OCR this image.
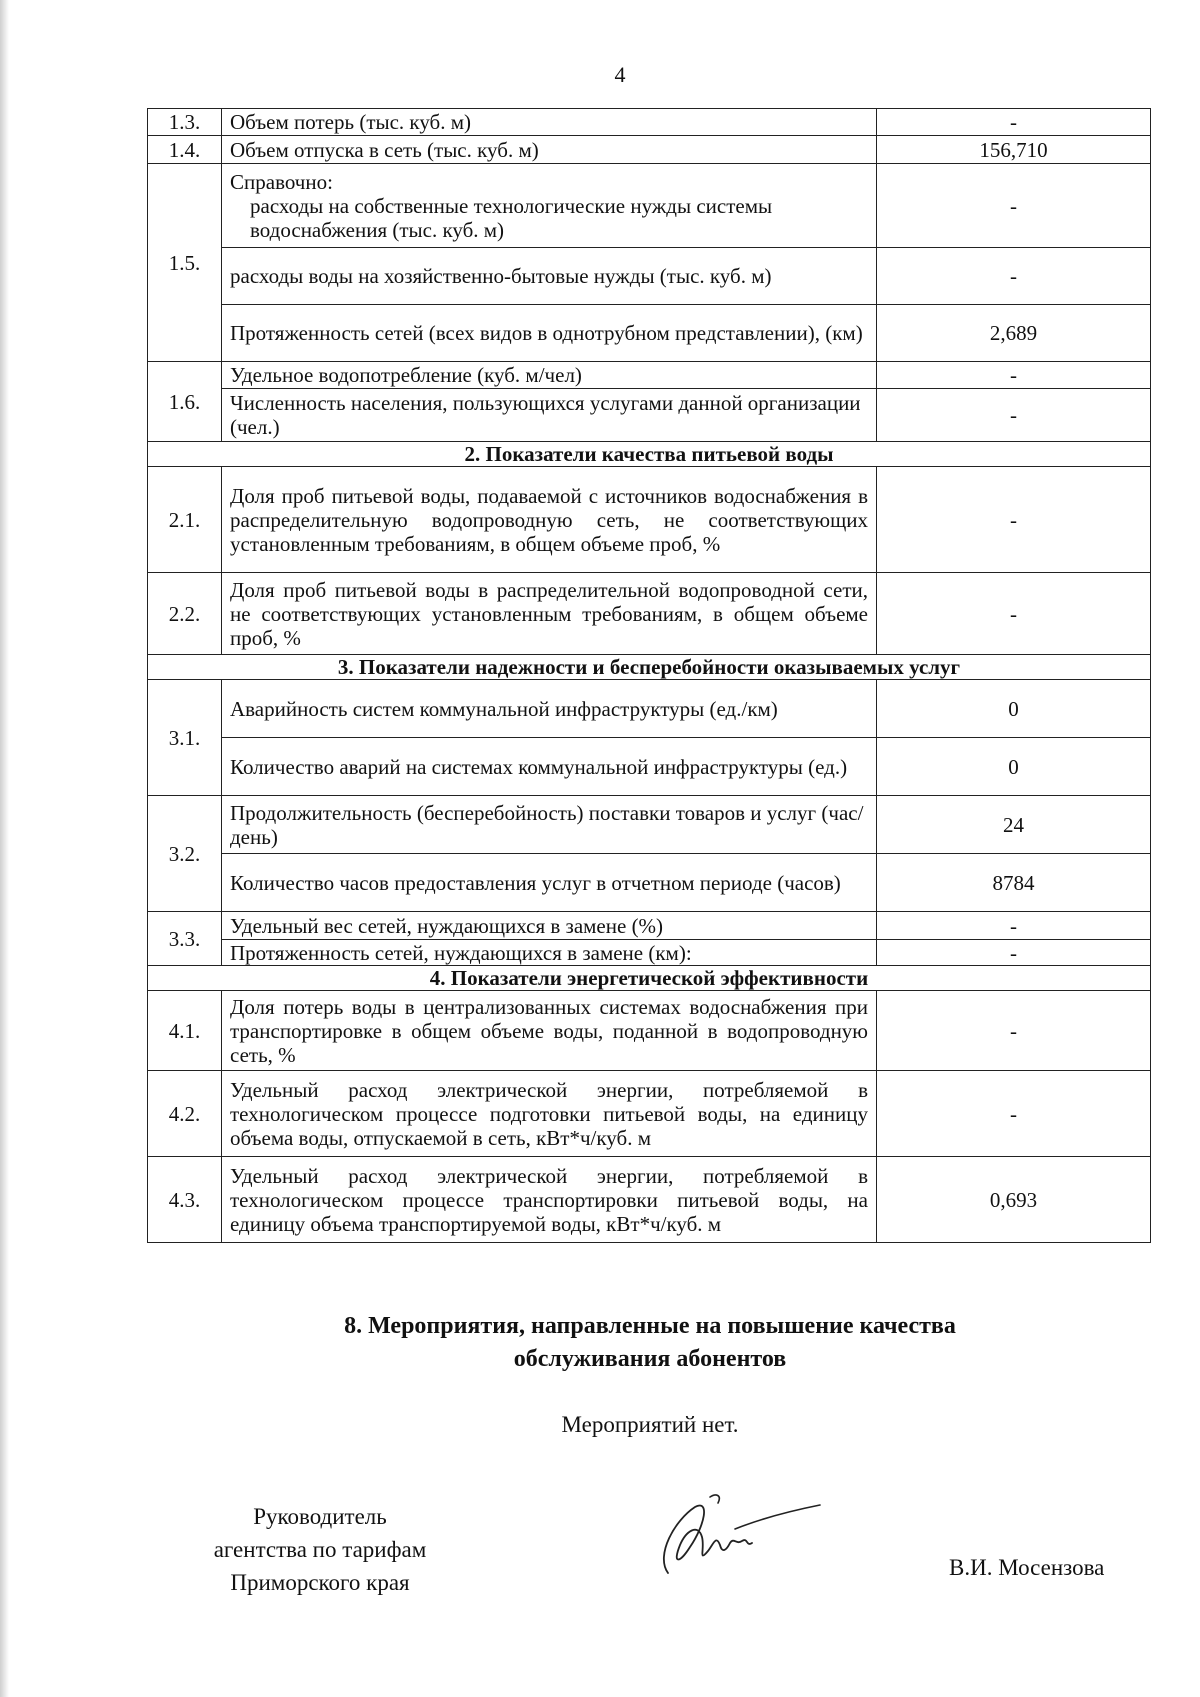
4
1.3.	Объем потерь (тыс. куб. м)	-
1.4.	Объем отпуска в сеть (тыс. куб. м)	156,710
1.5.	Справочно:
расходы на собственные технологические нужды системы водоснабжения (тыс. куб. м)	-
	расходы воды на хозяйственно-бытовые нужды (тыс. куб. м)	-
	Протяженность сетей (всех видов в однотрубном представлении), (км)	2,689
1.6.	Удельное водопотребление (куб. м/чел)	-
	Численность населения, пользующихся услугами данной организации (чел.)	-
2. Показатели качества питьевой воды		
2.1.	Доля проб питьевой воды, подаваемой с источников водоснабжения в распределительную водопроводную сеть, не соответствующих установленным требованиям, в общем объеме проб, %	-
2.2.	Доля проб питьевой воды в распределительной водопроводной сети, не соответствующих установленным требованиям, в общем объеме проб, %	-
3. Показатели надежности и бесперебойности оказываемых услуг		
3.1.	Аварийность систем коммунальной инфраструктуры (ед./км)	0
	Количество аварий на системах коммунальной инфраструктуры (ед.)	0
3.2.	Продолжительность (бесперебойность) поставки товаров и услуг (час/день)	24
	Количество часов предоставления услуг в отчетном периоде (часов)	8784
3.3.	Удельный вес сетей, нуждающихся в замене (%)	-
	Протяженность сетей, нуждающихся в замене (км):	-
4. Показатели энергетической эффективности		
4.1.	Доля потерь воды в централизованных системах водоснабжения при транспортировке в общем объеме воды, поданной в водопроводную сеть, %	-
4.2.	Удельный расход электрической энергии, потребляемой в технологическом процессе подготовки питьевой воды, на единицу объема воды, отпускаемой в сеть, кВт*ч/куб. м	-
4.3.	Удельный расход электрической энергии, потребляемой в технологическом процессе транспортировки питьевой воды, на единицу объема транспортируемой воды, кВт*ч/куб. м	0,693
8. Мероприятия, направленные на повышение качества
обслуживания абонентов
Мероприятий нет.
Руководитель
агентства по тарифам
Приморского края
В.И. Мосензова
